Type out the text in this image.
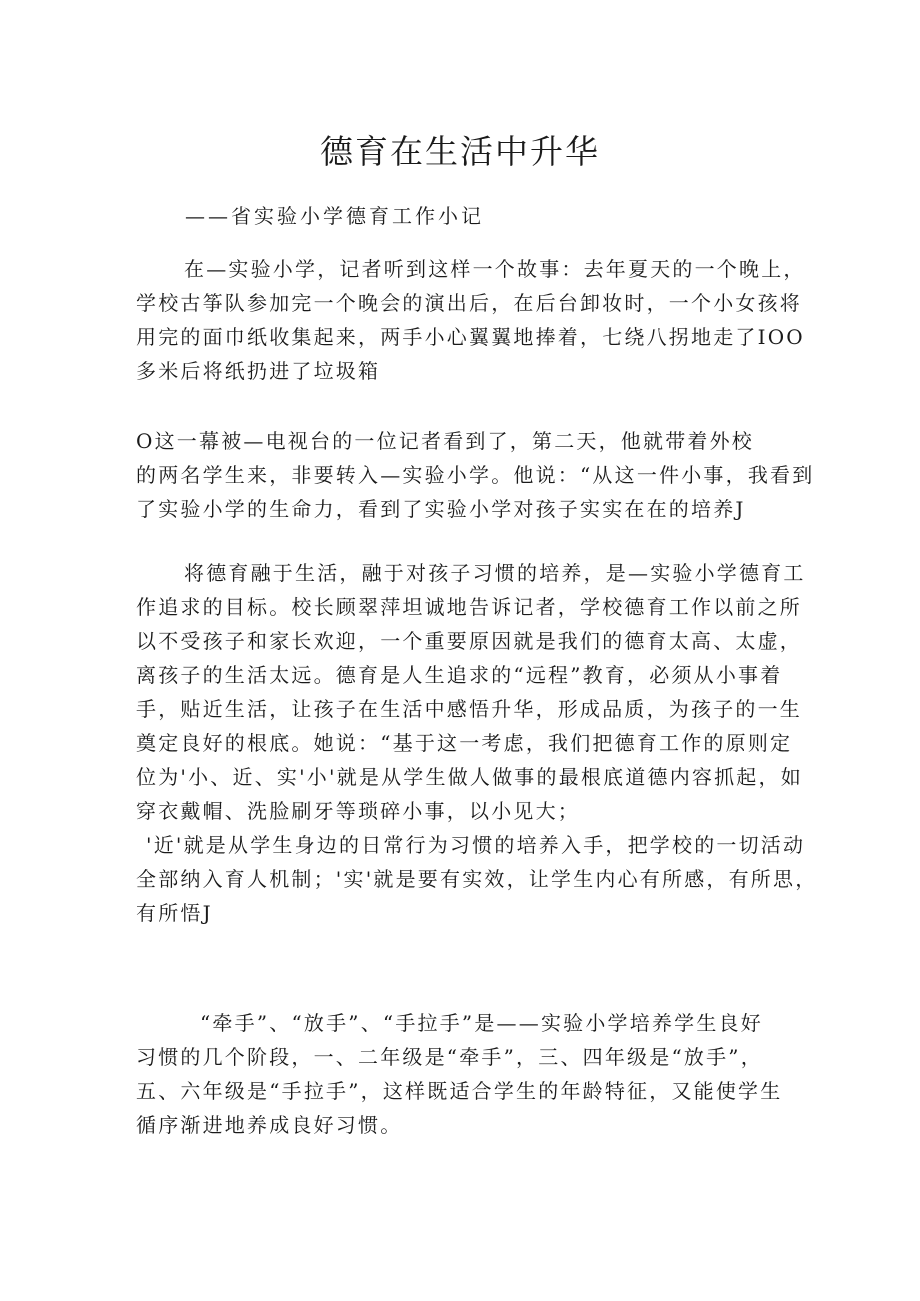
德育在生活中升华

——省实验小学德育工作小记

在—实验小学，记者听到这样一个故事：去年夏天的一个晚上，
学校古筝队参加完一个晚会的演出后，在后台卸妆时，一个小女孩将
用完的面巾纸收集起来，两手小心翼翼地捧着，七绕八拐地走了IOO
多米后将纸扔进了垃圾箱

O这一幕被—电视台的一位记者看到了，第二天，他就带着外校
的两名学生来，非要转入—实验小学。他说：“从这一件小事，我看到
了实验小学的生命力，看到了实验小学对孩子实实在在的培养J

将德育融于生活，融于对孩子习惯的培养，是—实验小学德育工
作追求的目标。校长顾翠萍坦诚地告诉记者，学校德育工作以前之所
以不受孩子和家长欢迎，一个重要原因就是我们的德育太高、太虚，
离孩子的生活太远。德育是人生追求的“远程”教育，必须从小事着
手，贴近生活，让孩子在生活中感悟升华，形成品质，为孩子的一生
奠定良好的根底。她说：“基于这一考虑，我们把德育工作的原则定
位为'小、近、实'小'就是从学生做人做事的最根底道德内容抓起，如
穿衣戴帽、洗脸刷牙等琐碎小事，以小见大；
'近'就是从学生身边的日常行为习惯的培养入手，把学校的一切活动
全部纳入育人机制；'实'就是要有实效，让学生内心有所感，有所思，
有所悟J

“牵手”、“放手”、“手拉手”是——实验小学培养学生良好
习惯的几个阶段，一、二年级是“牵手”，三、四年级是“放手”，
五、六年级是“手拉手”，这样既适合学生的年龄特征，又能使学生
循序渐进地养成良好习惯。
